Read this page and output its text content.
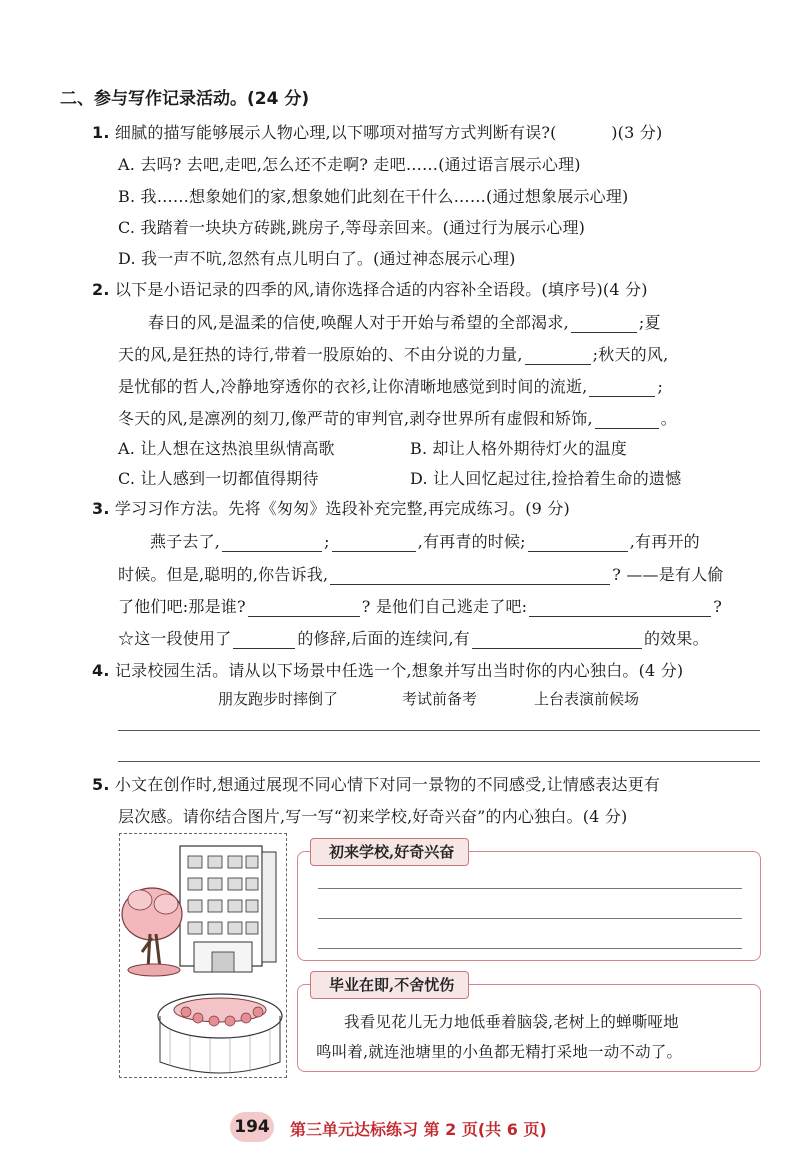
二、参与写作记录活动。(24 分)
1. 细腻的描写能够展示人物心理,以下哪项对描写方式判断有误?(	)(3 分)
A. 去吗? 去吧,走吧,怎么还不走啊? 走吧……(通过语言展示心理)
B. 我……想象她们的家,想象她们此刻在干什么……(通过想象展示心理)
C. 我踏着一块块方砖跳,跳房子,等母亲回来。(通过行为展示心理)
D. 我一声不吭,忽然有点儿明白了。(通过神态展示心理)
2. 以下是小语记录的四季的风,请你选择合适的内容补全语段。(填序号)(4 分)
春日的风,是温柔的信使,唤醒人对于开始与希望的全部渴求,	;夏
天的风,是狂热的诗行,带着一股原始的、不由分说的力量,	;秋天的风,
是忧郁的哲人,冷静地穿透你的衣衫,让你清晰地感觉到时间的流逝,	;
冬天的风,是凛冽的刻刀,像严苛的审判官,剥夺世界所有虚假和矫饰,	。
A. 让人想在这热浪里纵情高歌	B. 却让人格外期待灯火的温度
C. 让人感到一切都值得期待	D. 让人回忆起过往,捡拾着生命的遗憾
3. 学习习作方法。先将《匆匆》选段补充完整,再完成练习。(9 分)
燕子去了,	;	,有再青的时候;	,有再开的
时候。但是,聪明的,你告诉我,	? ——是有人偷
了他们吧:那是谁?	? 是他们自己逃走了吧:	?
☆这一段使用了	的修辞,后面的连续问,有	的效果。
4. 记录校园生活。请从以下场景中任选一个,想象并写出当时你的内心独白。(4 分)
朋友跑步时摔倒了	考试前备考	上台表演前候场
5. 小文在创作时,想通过展现不同心情下对同一景物的不同感受,让情感表达更有
层次感。请你结合图片,写一写“初来学校,好奇兴奋”的内心独白。(4 分)
初来学校,好奇兴奋
毕业在即,不舍忧伤
我看见花儿无力地低垂着脑袋,老树上的蝉嘶哑地
鸣叫着,就连池塘里的小鱼都无精打采地一动不动了。
194 第三单元达标练习 第 2 页(共 6 页)
